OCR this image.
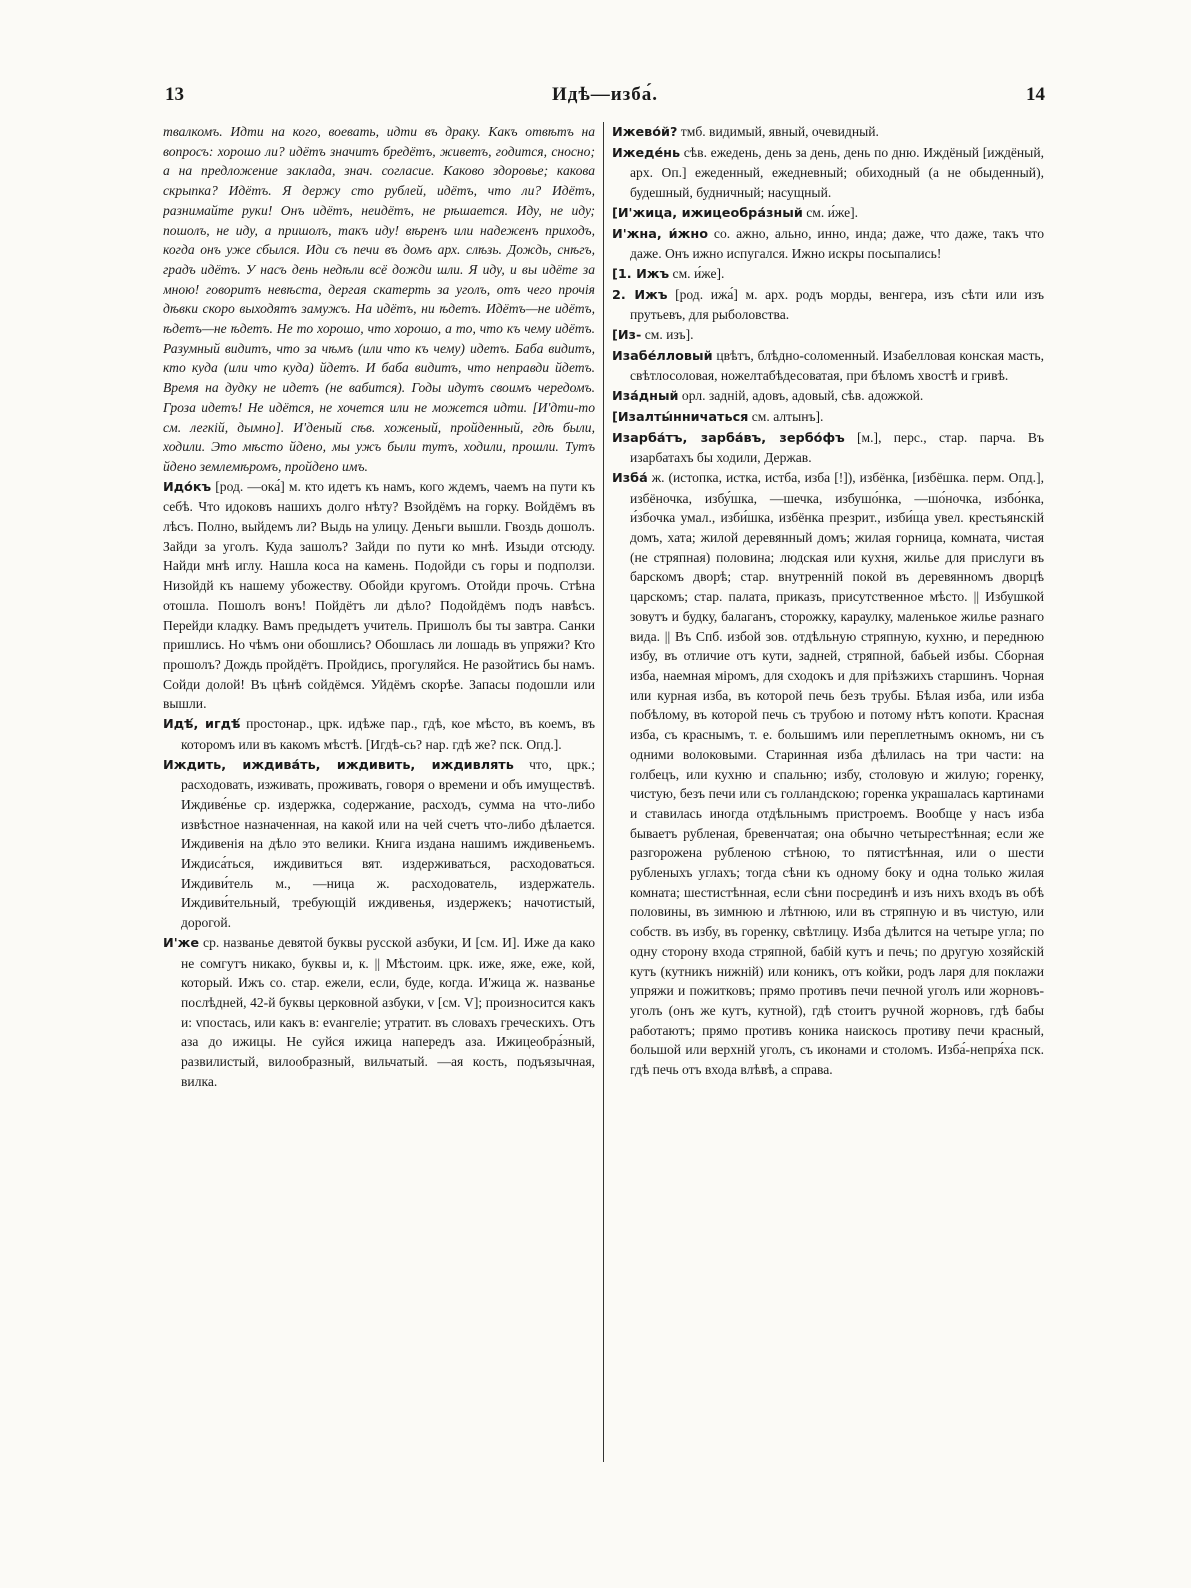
13	Идѣ—изба́.	14

твалкомъ. Идти на кого, воевать, идти въ драку. Какъ отвѣтъ на вопросъ: хорошо ли? идётъ значитъ бредётъ, живетъ, годится, сносно; а на предложение заклада, знач. согласие. Каково здоровье; какова скрыпка? Идётъ. Я держу сто рублей, идётъ, что ли? Идётъ, разнимайте руки! Онъ идётъ, неидётъ, не рѣшается. Иду, не иду; пошолъ, не иду, а пришолъ, такъ иду! вѣренъ или надеженъ приходъ, когда онъ уже сбылся. Иди съ печи въ домъ арх. слѣзь. Дождь, снѣгъ, градъ идётъ. У насъ день недѣли всё дожди шли. Я иду, и вы идёте за мною! говоритъ невѣста, дергая скатерть за уголъ, отъ чего прочія дѣвки скоро выходятъ замужъ. На идётъ, ни ѣдетъ. Идётъ—не идётъ, ѣдетъ—не ѣдетъ. Не то хорошо, что хорошо, а то, что къ чему идётъ. Разумный видитъ, что за чѣмъ (или что къ чему) идетъ. Баба видитъ, кто куда (или что куда) йдетъ. И баба видитъ, что неправди йдетъ. Время на дудку не идетъ (не вабится). Годы идутъ своимъ чередомъ. Гроза идетъ! Не идётся, не хочется или не можется идти. [И'дти-то см. легкій, дымно]. И'деный сѣв. хоженый, пройденный, гдѣ были, ходили. Это мѣсто йдено, мы ужъ были тутъ, ходили, прошли. Тутъ йдено землемѣромъ, пройдено имъ.

Идо́къ [род. —ока́] м. кто идетъ къ намъ, кого ждемъ, чаемъ на пути къ себѣ. Что идоковъ нашихъ долго нѣту? Взойдёмъ на горку. Войдёмъ въ лѣсъ. Полно, выйдемъ ли? Выдь на улицу. Деньги вышли. Гвоздь дошолъ. Зайди за уголъ. Куда зашолъ? Зайди по пути ко мнѣ. Изыди отсюду. Найди мнѣ иглу. Нашла коса на камень. Подойди съ горы и подползи. Низойдй къ нашему убожеству. Обойди кругомъ. Отойди прочь. Стѣна отошла. Пошолъ вонъ! Пойдётъ ли дѣло? Подойдёмъ подъ навѣсъ. Перейди кладку. Вамъ предыдетъ учитель. Пришолъ бы ты завтра. Санки пришлись. Но чѣмъ они обошлись? Обошлась ли лошадь въ упряжи? Кто прошолъ? Дождь пройдётъ. Пройдись, прогуляйся. Не разойтись бы намъ. Сойди долой! Въ цѣнѣ сойдёмся. Уйдёмъ скорѣе. Запасы подошли или вышли.

Идѣ́, игдѣ́ простонар., црк. идѣже пар., гдѣ, кое мѣсто, въ коемъ, въ которомъ или въ какомъ мѣстѣ. [Игдѣ-сь? нар. гдѣ же? пск. Опд.].

Иждить, иждива́ть, иждивить, иждивлять что, црк.; расходовать, изживать, проживать, говоря о времени и объ имуществѣ. Иждиве́нье ср. издержка, содержание, расходъ, сумма на что-либо извѣстное назначенная, на какой или на чей счетъ что-либо дѣлается. Иждивенія на дѣло это велики. Книга издана нашимъ иждивеньемъ. Иждиса́ться, иждивиться вят. издерживаться, расходоваться. Иждиви́тель м., —ница ж. расходователь, издержатель. Иждиви́тельный, требующій иждивенья, издержекъ; начотистый, дорогой.

И'же ср. названье девятой буквы русской азбуки, И [см. И]. Иже да како не сомгутъ никако, буквы и, к. || Мѣстоим. црк. иже, яже, еже, кой, который. Ижъ со. стар. ежели, если, буде, когда. И'жица ж. названье послѣдней, 42-й буквы церковной азбуки, v [см. V]; произносится какъ и: vпостась, или какъ в: еvангеліе; утратит. въ словахъ греческихъ. Отъ аза до ижицы. Не суйся ижица напередъ аза. Ижицеобра́зный, развилистый, вилообразный, вильчатый. —ая кость, подъязычная, вилка.

Ижево́й? тмб. видимый, явный, очевидный.

Ижеде́нь сѣв. ежедень, день за день, день по дню. Иждёный [иждёный, арх. Оп.] ежеденный, ежедневный; обиходный (а не обыденный), будешный, будничный; насущный.

[И'жица, ижицеобра́зный см. и́же].

И'жна, и́жно со. ажно, ально, инно, инда; даже, что даже, такъ что даже. Онъ ижно испугался. Ижно искры посыпались!

[1. Ижъ см. и́же].

2. Ижъ [род. ижа́] м. арх. родъ морды, венгера, изъ сѣти или изъ прутьевъ, для рыболовства.

[Из- см. изъ].

Изабе́лловый цвѣтъ, блѣдно-соломенный. Изабелловая конская масть, свѣтлосоловая, ножелтабѣдесоватая, при бѣломъ хвостѣ и гривѣ.

Иза́дный орл. задній, адовъ, адовый, сѣв. адожжой.

[Изалты́нничаться см. алтынъ].

Изарба́тъ, зарба́въ, зербо́фъ [м.], перс., стар. парча. Въ изарбатахъ бы ходили, Держав.

Изба́ ж. (истопка, истка, истба, изба [!]), избёнка, [избёшка. перм. Опд.], избёночка, избу́шка, —шечка, избушо́нка, —шо́ночка, избо́нка, и́збочка умал., изби́шка, избёнка презрит., изби́ща увел. крестьянскій домъ, хата; жилой деревянный домъ; жилая горница, комната, чистая (не стряпная) половина; людская или кухня, жилье для прислуги въ барскомъ дворѣ; стар. внутренній покой въ деревянномъ дворцѣ царскомъ; стар. палата, приказъ, присутственное мѣсто. || Избушкой зовутъ и будку, балаганъ, сторожку, караулку, маленькое жилье разнаго вида. || Въ Спб. избой зов. отдѣльную стряпную, кухню, и переднюю избу, въ отличие отъ кути, задней, стряпной, бабьей избы. Сборная изба, наемная міромъ, для сходокъ и для пріѣзжихъ старшинъ. Чорная или курная изба, въ которой печь безъ трубы. Бѣлая изба, или изба побѣлому, въ которой печь съ трубою и потому нѣтъ копоти. Красная изба, съ краснымъ, т. е. большимъ или переплетнымъ окномъ, ни съ одними волоковыми. Старинная изба дѣлилась на три части: на голбецъ, или кухню и спальню; избу, столовую и жилую; горенку, чистую, безъ печи или съ голландскою; горенка украшалась картинами и ставилась иногда отдѣльнымъ пристроемъ. Вообще у насъ изба бываетъ рубленая, бревенчатая; она обычно четырестѣнная; если же разгорожена рубленою стѣною, то пятистѣнная, или о шести рубленыхъ углахъ; тогда сѣни къ одному боку и одна только жилая комната; шестистѣнная, если сѣни посрединѣ и изъ нихъ входъ въ обѣ половины, въ зимнюю и лѣтнюю, или въ стряпную и въ чистую, или собств. въ избу, въ горенку, свѣтлицу. Изба дѣлится на четыре угла; по одну сторону входа стряпной, бабій кутъ и печь; по другую хозяйскій кутъ (кутникъ нижній) или коникъ, отъ койки, родъ ларя для поклажи упряжи и пожитковъ; прямо противъ печи печной уголъ или жорновъ-уголъ (онъ же кутъ, кутной), гдѣ стоитъ ручной жорновъ, гдѣ бабы работаютъ; прямо противъ коника наискось противу печи красный, большой или верхній уголъ, съ иконами и столомъ. Изба́-непря́ха пск. гдѣ печь отъ входа влѣвѣ, а справа.
